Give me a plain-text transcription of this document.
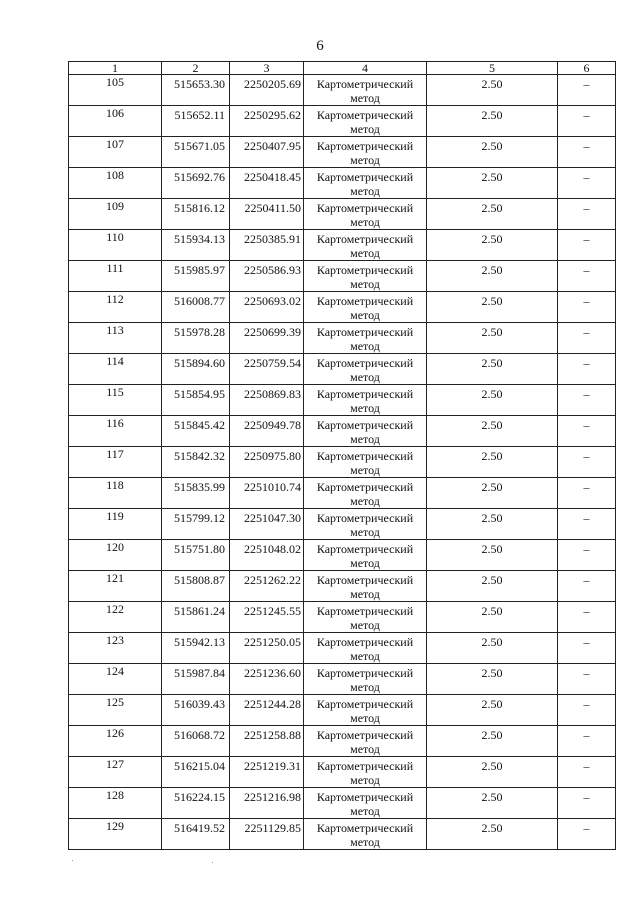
6
1	2	3	4	5	6
105	515653.30	2250205.69	Картометрический
метод	2.50	–
106	515652.11	2250295.62	Картометрический
метод	2.50	–
107	515671.05	2250407.95	Картометрический
метод	2.50	–
108	515692.76	2250418.45	Картометрический
метод	2.50	–
109	515816.12	2250411.50	Картометрический
метод	2.50	–
110	515934.13	2250385.91	Картометрический
метод	2.50	–
111	515985.97	2250586.93	Картометрический
метод	2.50	–
112	516008.77	2250693.02	Картометрический
метод	2.50	–
113	515978.28	2250699.39	Картометрический
метод	2.50	–
114	515894.60	2250759.54	Картометрический
метод	2.50	–
115	515854.95	2250869.83	Картометрический
метод	2.50	–
116	515845.42	2250949.78	Картометрический
метод	2.50	–
117	515842.32	2250975.80	Картометрический
метод	2.50	–
118	515835.99	2251010.74	Картометрический
метод	2.50	–
119	515799.12	2251047.30	Картометрический
метод	2.50	–
120	515751.80	2251048.02	Картометрический
метод	2.50	–
121	515808.87	2251262.22	Картометрический
метод	2.50	–
122	515861.24	2251245.55	Картометрический
метод	2.50	–
123	515942.13	2251250.05	Картометрический
метод	2.50	–
124	515987.84	2251236.60	Картометрический
метод	2.50	–
125	516039.43	2251244.28	Картометрический
метод	2.50	–
126	516068.72	2251258.88	Картометрический
метод	2.50	–
127	516215.04	2251219.31	Картометрический
метод	2.50	–
128	516224.15	2251216.98	Картометрический
метод	2.50	–
129	516419.52	2251129.85	Картометрический
метод	2.50	–
